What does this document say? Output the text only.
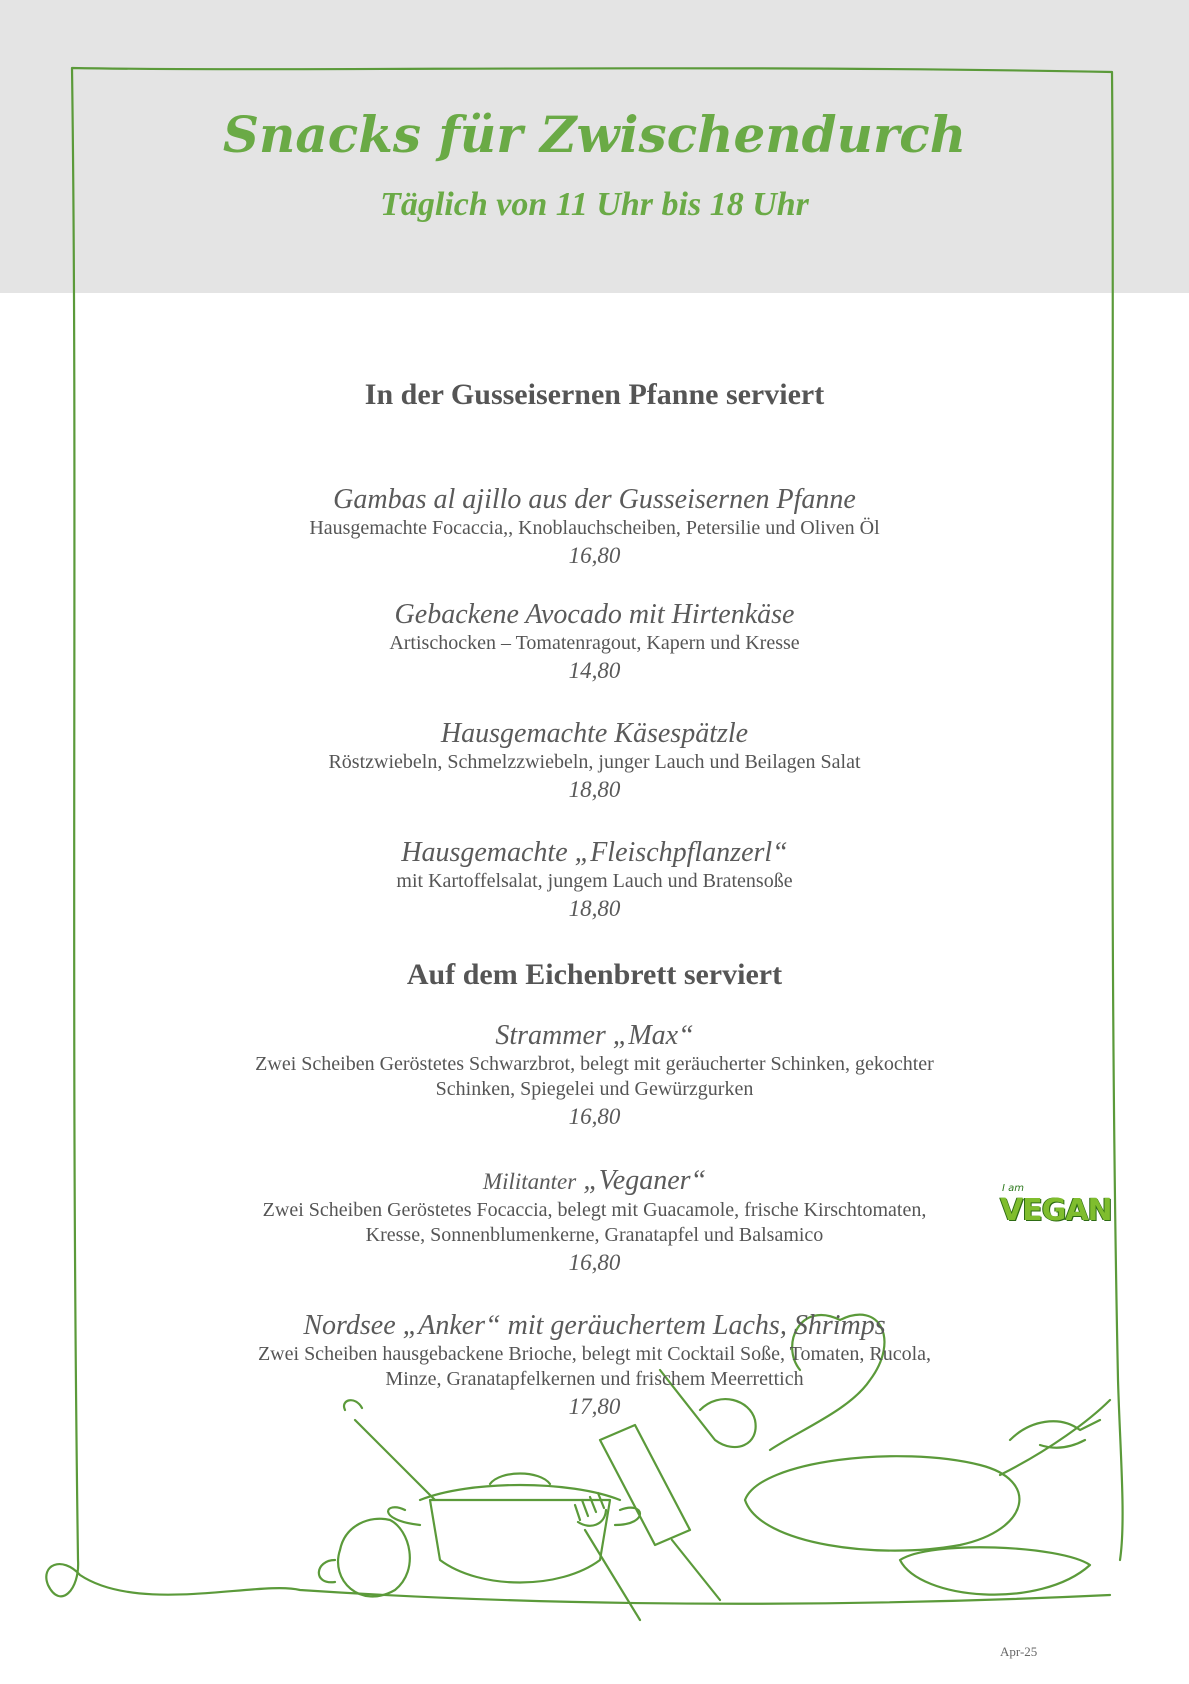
Snacks für Zwischendurch
Täglich von 11 Uhr bis 18 Uhr
In der Gusseisernen Pfanne serviert
Gambas al ajillo aus der Gusseisernen Pfanne
Hausgemachte Focaccia,, Knoblauchscheiben, Petersilie und Oliven Öl
16,80
Gebackene Avocado mit Hirtenkäse
Artischocken – Tomatenragout, Kapern und Kresse
14,80
Hausgemachte Käsespätzle
Röstzwiebeln, Schmelzzwiebeln, junger Lauch und Beilagen Salat
18,80
Hausgemachte „Fleischpflanzerl“
mit Kartoffelsalat, jungem Lauch und Bratensoße
18,80
Auf dem Eichenbrett serviert
Strammer „Max“
Zwei Scheiben Geröstetes Schwarzbrot, belegt mit geräucherter Schinken, gekochter
Schinken, Spiegelei und Gewürzgurken
16,80
Militanter „Veganer“
Zwei Scheiben Geröstetes Focaccia, belegt mit Guacamole, frische Kirschtomaten,
Kresse, Sonnenblumenkerne, Granatapfel und Balsamico
16,80
Nordsee „Anker“ mit geräuchertem Lachs, Shrimps
Zwei Scheiben hausgebackene Brioche, belegt mit Cocktail Soße, Tomaten, Rucola,
Minze, Granatapfelkernen und frischem Meerrettich
17,80
I am
VEGAN
Apr-25
